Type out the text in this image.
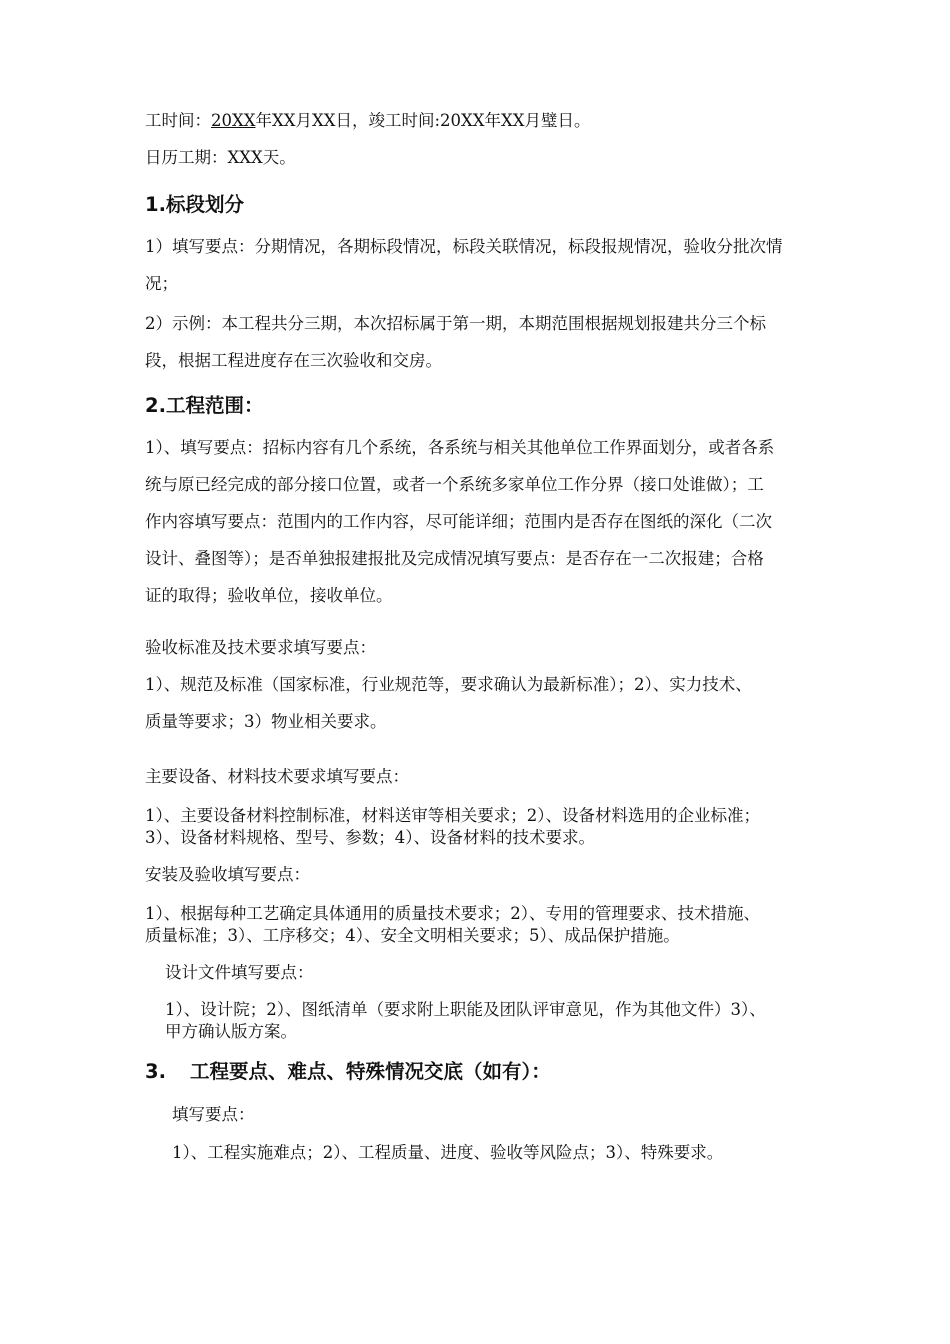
工时间：20XX年XX月XX日，竣工时间:20XX年XX月璧日。

日历工期：XXX天。

1.标段划分

1）填写要点：分期情况，各期标段情况，标段关联情况，标段报规情况，验收分批次情

况；

2）示例：本工程共分三期，本次招标属于第一期，本期范围根据规划报建共分三个标

段，根据工程进度存在三次验收和交房。

2.工程范围：

1）、填写要点：招标内容有几个系统，各系统与相关其他单位工作界面划分，或者各系

统与原已经完成的部分接口位置，或者一个系统多家单位工作分界（接口处谁做）；工

作内容填写要点：范围内的工作内容，尽可能详细；范围内是否存在图纸的深化（二次

设计、叠图等）；是否单独报建报批及完成情况填写要点：是否存在一二次报建；合格

证的取得；验收单位，接收单位。

验收标准及技术要求填写要点：

1）、规范及标准（国家标准，行业规范等，要求确认为最新标准）；2）、实力技术、

质量等要求；3）物业相关要求。

主要设备、材料技术要求填写要点：

1）、主要设备材料控制标准，材料送审等相关要求；2）、设备材料选用的企业标准；

3）、设备材料规格、型号、参数；4）、设备材料的技术要求。

安装及验收填写要点：

1）、根据每种工艺确定具体通用的质量技术要求；2）、专用的管理要求、技术措施、

质量标准；3）、工序移交；4）、安全文明相关要求；5）、成品保护措施。

设计文件填写要点：

1）、设计院；2）、图纸清单（要求附上职能及团队评审意见，作为其他文件）3）、

甲方确认版方案。

3. 工程要点、难点、特殊情况交底（如有）：

填写要点：

1）、工程实施难点；2）、工程质量、进度、验收等风险点；3）、特殊要求。
